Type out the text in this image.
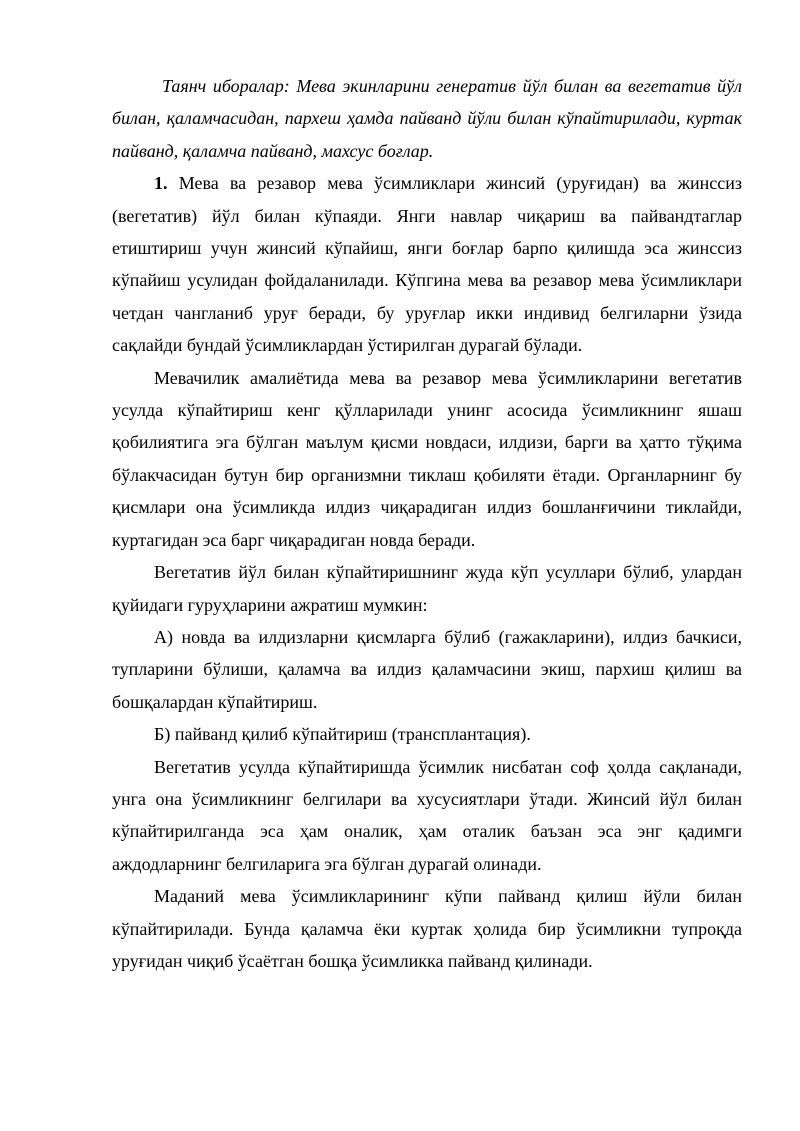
Таянч иборалар: Мева экинларини генератив йўл билан ва вегетатив йўл билан, қаламчасидан, пархеш ҳамда пайванд йўли билан кўпайтирилади, куртак пайванд, қаламча пайванд, махсус боғлар.

1. Мева ва резавор мева ўсимликлари жинсий (уруғидан) ва жинссиз (вегетатив) йўл билан кўпаяди. Янги навлар чиқариш ва пайвандтаглар етиштириш учун жинсий кўпайиш, янги боғлар барпо қилишда эса жинссиз кўпайиш усулидан фойдаланилади. Кўпгина мева ва резавор мева ўсимликлари четдан чангланиб уруғ беради, бу уруғлар икки индивид белгиларни ўзида сақлайди бундай ўсимликлардан ўстирилган дурагай бўлади.

Мевачилик амалиётида мева ва резавор мева ўсимликларини вегетатив усулда кўпайтириш кенг қўлларилади унинг асосида ўсимликнинг яшаш қобилиятига эга бўлган маълум қисми новдаси, илдизи, барги ва ҳатто тўқима бўлакчасидан бутун бир организмни тиклаш қобиляти ётади. Органларнинг бу қисмлари она ўсимликда илдиз чиқарадиган илдиз бошланғичини тиклайди, куртагидан эса барг чиқарадиган новда беради.

Вегетатив йўл билан кўпайтиришнинг жуда кўп усуллари бўлиб, улардан қуйидаги гуруҳларини ажратиш мумкин:

А) новда ва илдизларни қисмларга бўлиб (гажакларини), илдиз бачкиси, тупларини бўлиши, қаламча ва илдиз қаламчасини экиш, пархиш қилиш ва бошқалардан кўпайтириш.

Б) пайванд қилиб кўпайтириш (трансплантация).

Вегетатив усулда кўпайтиришда ўсимлик нисбатан соф ҳолда сақланади, унга она ўсимликнинг белгилари ва хусусиятлари ўтади. Жинсий йўл билан кўпайтирилганда эса ҳам оналик, ҳам оталик баъзан эса энг қадимги аждодларнинг белгиларига эга бўлган дурагай олинади.

Маданий мева ўсимликларининг кўпи пайванд қилиш йўли билан кўпайтирилади. Бунда қаламча ёки куртак ҳолида бир ўсимликни тупроқда уруғидан чиқиб ўсаётган бошқа ўсимликка пайванд қилинади.
